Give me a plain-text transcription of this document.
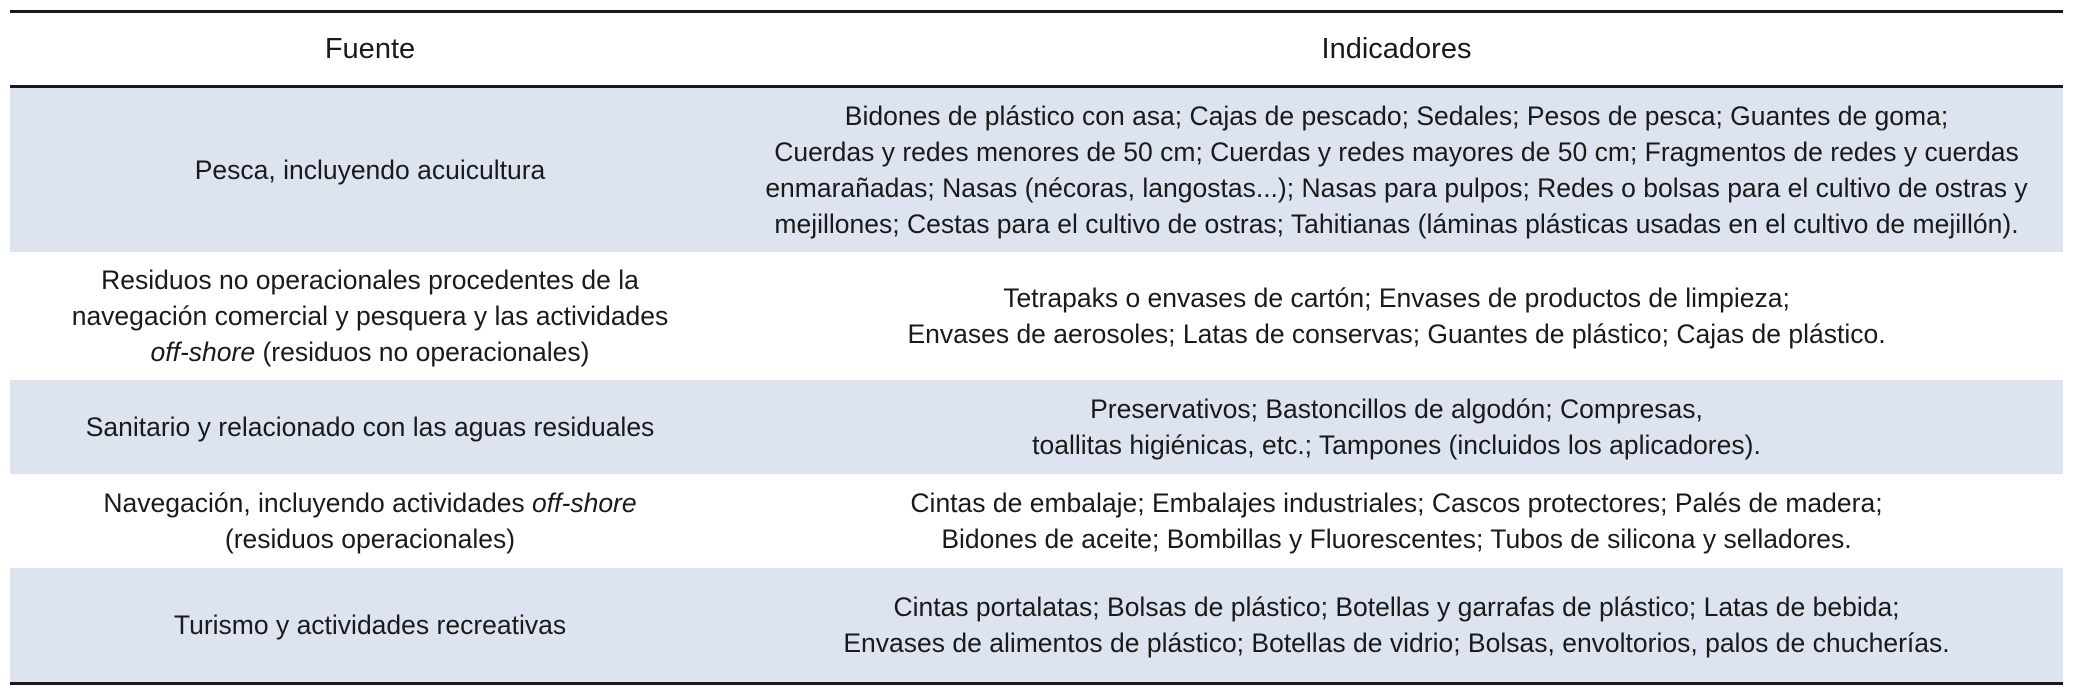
Fuente	Indicadores

Pesca, incluyendo acuicultura	Bidones de plástico con asa; Cajas de pescado; Sedales; Pesos de pesca; Guantes de goma;
Cuerdas y redes menores de 50 cm; Cuerdas y redes mayores de 50 cm; Fragmentos de redes y cuerdas
enmarañadas; Nasas (nécoras, langostas...); Nasas para pulpos; Redes o bolsas para el cultivo de ostras y
mejillones; Cestas para el cultivo de ostras; Tahitianas (láminas plásticas usadas en el cultivo de mejillón).

Residuos no operacionales procedentes de la
navegación comercial y pesquera y las actividades
off-shore (residuos no operacionales)	Tetrapaks o envases de cartón; Envases de productos de limpieza;
Envases de aerosoles; Latas de conservas; Guantes de plástico; Cajas de plástico.

Sanitario y relacionado con las aguas residuales	Preservativos; Bastoncillos de algodón; Compresas,
toallitas higiénicas, etc.; Tampones (incluidos los aplicadores).

Navegación, incluyendo actividades off-shore
(residuos operacionales)	Cintas de embalaje; Embalajes industriales; Cascos protectores; Palés de madera;
Bidones de aceite; Bombillas y Fluorescentes; Tubos de silicona y selladores.

Turismo y actividades recreativas	Cintas portalatas; Bolsas de plástico; Botellas y garrafas de plástico; Latas de bebida;
Envases de alimentos de plástico; Botellas de vidrio; Bolsas, envoltorios, palos de chucherías.
